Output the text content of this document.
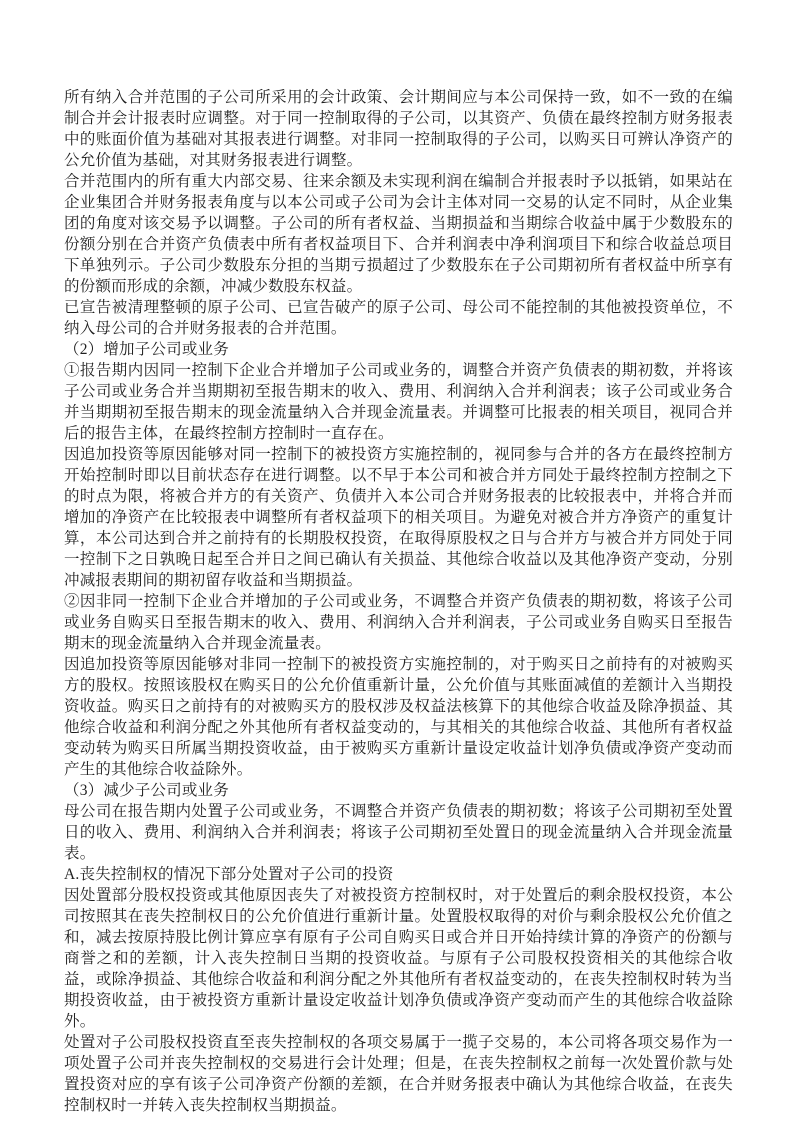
所有纳入合并范围的子公司所采用的会计政策、会计期间应与本公司保持一致，如不一致的在编制合并会计报表时应调整。对于同一控制取得的子公司，以其资产、负债在最终控制方财务报表中的账面价值为基础对其报表进行调整。对非同一控制取得的子公司，以购买日可辨认净资产的公允价值为基础，对其财务报表进行调整。

合并范围内的所有重大内部交易、往来余额及未实现利润在编制合并报表时予以抵销，如果站在企业集团合并财务报表角度与以本公司或子公司为会计主体对同一交易的认定不同时，从企业集团的角度对该交易予以调整。子公司的所有者权益、当期损益和当期综合收益中属于少数股东的份额分别在合并资产负债表中所有者权益项目下、合并利润表中净利润项目下和综合收益总项目下单独列示。子公司少数股东分担的当期亏损超过了少数股东在子公司期初所有者权益中所享有的份额而形成的余额，冲减少数股东权益。

已宣告被清理整顿的原子公司、已宣告破产的原子公司、母公司不能控制的其他被投资单位，不纳入母公司的合并财务报表的合并范围。

（2）增加子公司或业务

①报告期内因同一控制下企业合并增加子公司或业务的，调整合并资产负债表的期初数，并将该子公司或业务合并当期期初至报告期末的收入、费用、利润纳入合并利润表；该子公司或业务合并当期期初至报告期末的现金流量纳入合并现金流量表。并调整可比报表的相关项目，视同合并后的报告主体，在最终控制方控制时一直存在。

因追加投资等原因能够对同一控制下的被投资方实施控制的，视同参与合并的各方在最终控制方开始控制时即以目前状态存在进行调整。以不早于本公司和被合并方同处于最终控制方控制之下的时点为限，将被合并方的有关资产、负债并入本公司合并财务报表的比较报表中，并将合并而增加的净资产在比较报表中调整所有者权益项下的相关项目。为避免对被合并方净资产的重复计算，本公司达到合并之前持有的长期股权投资，在取得原股权之日与合并方与被合并方同处于同一控制下之日孰晚日起至合并日之间已确认有关损益、其他综合收益以及其他净资产变动，分别冲减报表期间的期初留存收益和当期损益。

②因非同一控制下企业合并增加的子公司或业务，不调整合并资产负债表的期初数，将该子公司或业务自购买日至报告期末的收入、费用、利润纳入合并利润表，子公司或业务自购买日至报告期末的现金流量纳入合并现金流量表。

因追加投资等原因能够对非同一控制下的被投资方实施控制的，对于购买日之前持有的对被购买方的股权。按照该股权在购买日的公允价值重新计量，公允价值与其账面减值的差额计入当期投资收益。购买日之前持有的对被购买方的股权涉及权益法核算下的其他综合收益及除净损益、其他综合收益和利润分配之外其他所有者权益变动的，与其相关的其他综合收益、其他所有者权益变动转为购买日所属当期投资收益，由于被购买方重新计量设定收益计划净负债或净资产变动而产生的其他综合收益除外。

（3）减少子公司或业务

母公司在报告期内处置子公司或业务，不调整合并资产负债表的期初数；将该子公司期初至处置日的收入、费用、利润纳入合并利润表；将该子公司期初至处置日的现金流量纳入合并现金流量表。

A.丧失控制权的情况下部分处置对子公司的投资

因处置部分股权投资或其他原因丧失了对被投资方控制权时，对于处置后的剩余股权投资，本公司按照其在丧失控制权日的公允价值进行重新计量。处置股权取得的对价与剩余股权公允价值之和，减去按原持股比例计算应享有原有子公司自购买日或合并日开始持续计算的净资产的份额与商誉之和的差额，计入丧失控制日当期的投资收益。与原有子公司股权投资相关的其他综合收益，或除净损益、其他综合收益和利润分配之外其他所有者权益变动的，在丧失控制权时转为当期投资收益，由于被投资方重新计量设定收益计划净负债或净资产变动而产生的其他综合收益除外。

处置对子公司股权投资直至丧失控制权的各项交易属于一揽子交易的，本公司将各项交易作为一项处置子公司并丧失控制权的交易进行会计处理；但是，在丧失控制权之前每一次处置价款与处置投资对应的享有该子公司净资产份额的差额，在合并财务报表中确认为其他综合收益，在丧失控制权时一并转入丧失控制权当期损益。
